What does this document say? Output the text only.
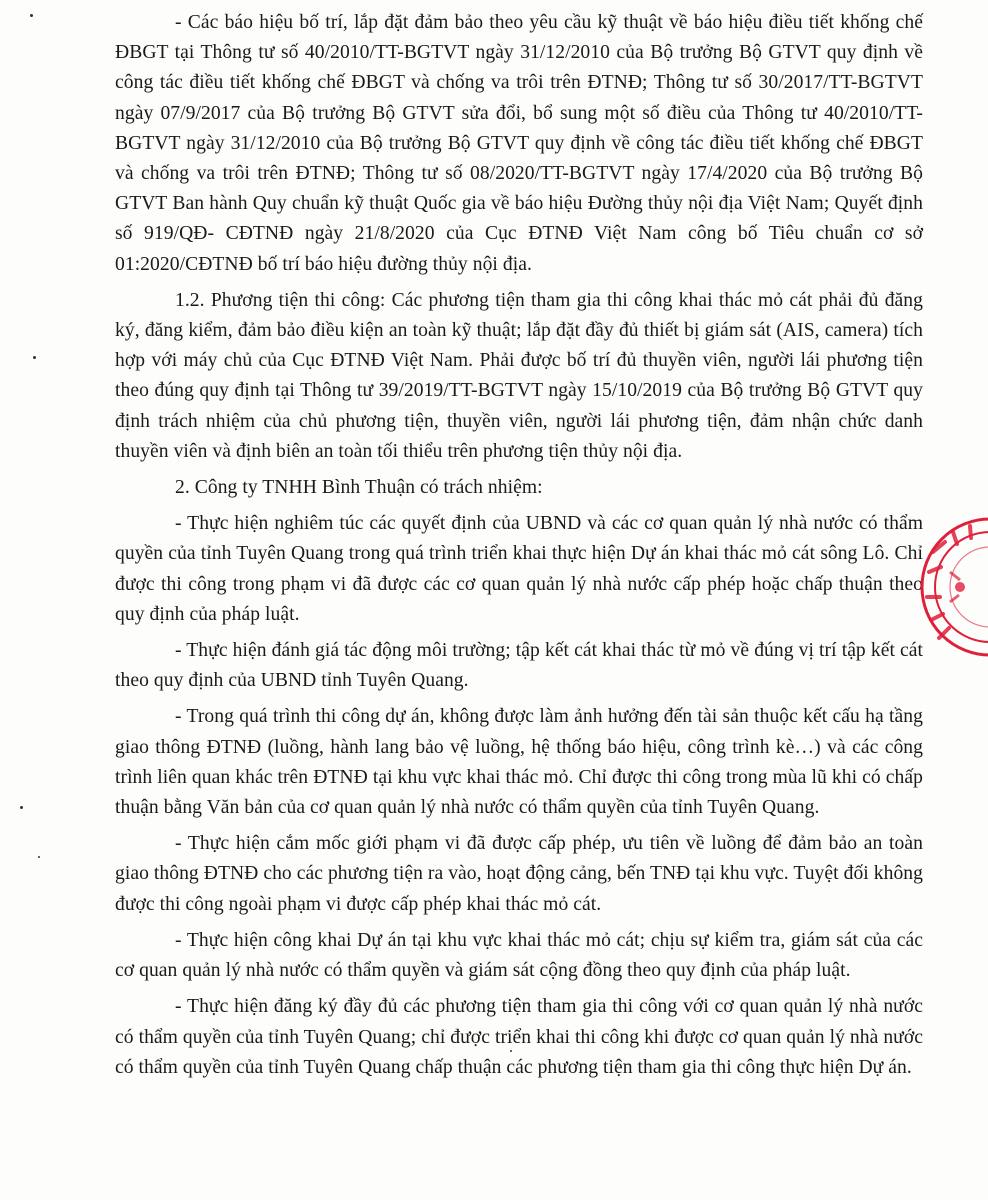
- Các báo hiệu bố trí, lắp đặt đảm bảo theo yêu cầu kỹ thuật về báo hiệu điều tiết khống chế ĐBGT tại Thông tư số 40/2010/TT-BGTVT ngày 31/12/2010 của Bộ trưởng Bộ GTVT quy định về công tác điều tiết khống chế ĐBGT và chống va trôi trên ĐTNĐ; Thông tư số 30/2017/TT-BGTVT ngày 07/9/2017 của Bộ trưởng Bộ GTVT sửa đổi, bổ sung một số điều của Thông tư 40/2010/TT-BGTVT ngày 31/12/2010 của Bộ trưởng Bộ GTVT quy định về công tác điều tiết khống chế ĐBGT và chống va trôi trên ĐTNĐ; Thông tư số 08/2020/TT-BGTVT ngày 17/4/2020 của Bộ trưởng Bộ GTVT Ban hành Quy chuẩn kỹ thuật Quốc gia về báo hiệu Đường thủy nội địa Việt Nam; Quyết định số 919/QĐ- CĐTNĐ ngày 21/8/2020 của Cục ĐTNĐ Việt Nam công bố Tiêu chuẩn cơ sở 01:2020/CĐTNĐ bố trí báo hiệu đường thủy nội địa.

1.2. Phương tiện thi công: Các phương tiện tham gia thi công khai thác mỏ cát phải đủ đăng ký, đăng kiểm, đảm bảo điều kiện an toàn kỹ thuật; lắp đặt đầy đủ thiết bị giám sát (AIS, camera) tích hợp với máy chủ của Cục ĐTNĐ Việt Nam. Phải được bố trí đủ thuyền viên, người lái phương tiện theo đúng quy định tại Thông tư 39/2019/TT-BGTVT ngày 15/10/2019 của Bộ trưởng Bộ GTVT quy định trách nhiệm của chủ phương tiện, thuyền viên, người lái phương tiện, đảm nhận chức danh thuyền viên và định biên an toàn tối thiểu trên phương tiện thủy nội địa.

2. Công ty TNHH Bình Thuận có trách nhiệm:

- Thực hiện nghiêm túc các quyết định của UBND và các cơ quan quản lý nhà nước có thẩm quyền của tỉnh Tuyên Quang trong quá trình triển khai thực hiện Dự án khai thác mỏ cát sông Lô. Chỉ được thi công trong phạm vi đã được các cơ quan quản lý nhà nước cấp phép hoặc chấp thuận theo quy định của pháp luật.

- Thực hiện đánh giá tác động môi trường; tập kết cát khai thác từ mỏ về đúng vị trí tập kết cát theo quy định của UBND tỉnh Tuyên Quang.

- Trong quá trình thi công dự án, không được làm ảnh hưởng đến tài sản thuộc kết cấu hạ tầng giao thông ĐTNĐ (luồng, hành lang bảo vệ luồng, hệ thống báo hiệu, công trình kè…) và các công trình liên quan khác trên ĐTNĐ tại khu vực khai thác mỏ. Chỉ được thi công trong mùa lũ khi có chấp thuận bằng Văn bản của cơ quan quản lý nhà nước có thẩm quyền của tỉnh Tuyên Quang.

- Thực hiện cắm mốc giới phạm vi đã được cấp phép, ưu tiên về luồng để đảm bảo an toàn giao thông ĐTNĐ cho các phương tiện ra vào, hoạt động cảng, bến TNĐ tại khu vực. Tuyệt đối không được thi công ngoài phạm vi được cấp phép khai thác mỏ cát.

- Thực hiện công khai Dự án tại khu vực khai thác mỏ cát; chịu sự kiểm tra, giám sát của các cơ quan quản lý nhà nước có thẩm quyền và giám sát cộng đồng theo quy định của pháp luật.

- Thực hiện đăng ký đầy đủ các phương tiện tham gia thi công với cơ quan quản lý nhà nước có thẩm quyền của tỉnh Tuyên Quang; chỉ được triển khai thi công khi được cơ quan quản lý nhà nước có thẩm quyền của tỉnh Tuyên Quang chấp thuận các phương tiện tham gia thi công thực hiện Dự án.
